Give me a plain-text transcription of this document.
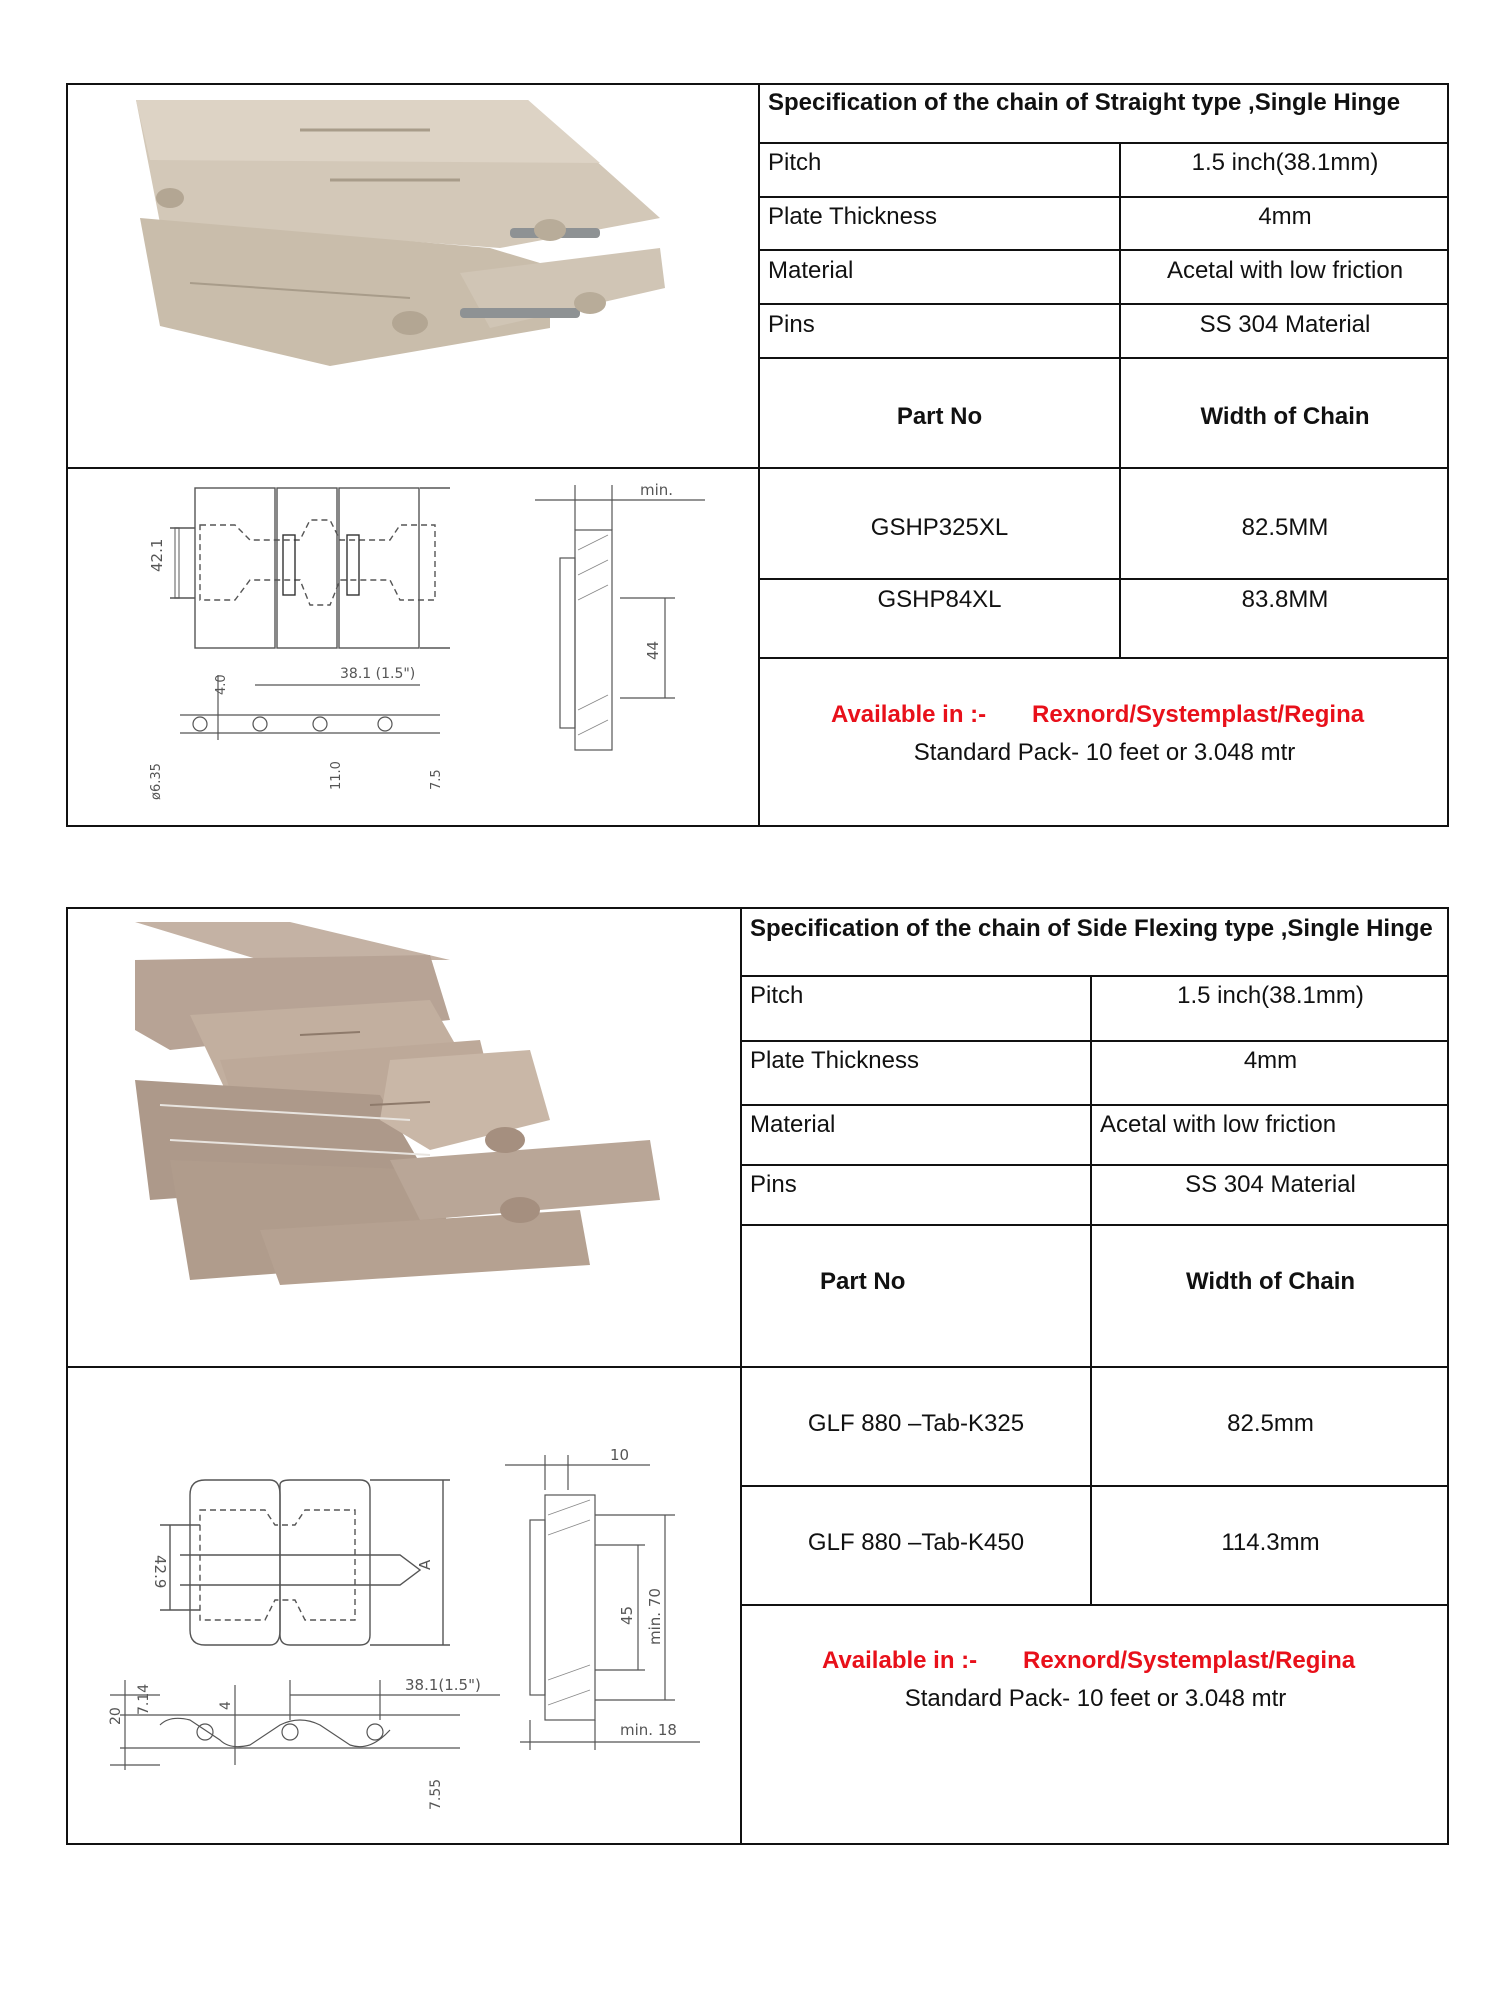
Specification of the chain of Straight type ,Single Hinge
Pitch	1.5 inch(38.1mm)
Plate Thickness	4mm
Material	Acetal with low friction
Pins	SS 304 Material
Part No	Width of Chain
GSHP325XL	82.5MM
GSHP84XL	83.8MM
Available in :- Rexnord/Systemplast/Regina
Standard Pack- 10 feet or 3.048 mtr
42.1
4.0
38.1 (1.5")
ø6.35	11.0	7.5
min.
44
Specification of the chain of Side Flexing type ,Single Hinge
Pitch	1.5 inch(38.1mm)
Plate Thickness	4mm
Material	Acetal with low friction
Pins	SS 304 Material
Part No	Width of Chain
GLF 880 –Tab-K325	82.5mm
GLF 880 –Tab-K450	114.3mm
Available in :- Rexnord/Systemplast/Regina
Standard Pack- 10 feet or 3.048 mtr
42.9	A
38.1(1.5")
20
7.14	4
7.55
10
45 min. 70
min. 18
